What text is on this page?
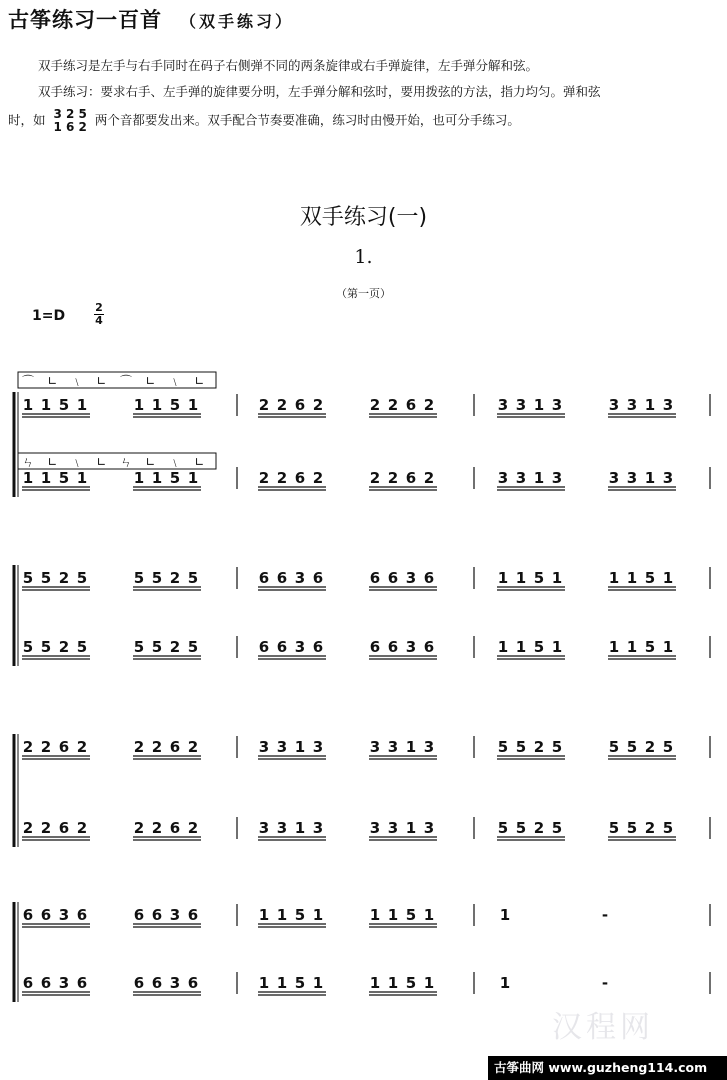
古筝练习一百首 （双手练习）
双手练习是左手与右手同时在码子右侧弹不同的两条旋律或右手弹旋律，左手弹分解和弦。
双手练习：要求右手、左手弹的旋律要分明，左手弹分解和弦时，要用拨弦的方法，指力均匀。弹和弦
时，如 3 2 5
1 6 2 两个音都要发出来。双手配合节奏要准确，练习时由慢开始，也可分手练习。
双手练习(一)
1.
（第一页）
1=D
2
4
1 1 5 1	1 1 5 1	2 2 6 2	2 2 6 2	3 3 1 3	3 3 1 3
1 1 5 1	1 1 5 1	2 2 6 2	2 2 6 2	3 3 1 3	3 3 1 3
5 5 2 5	5 5 2 5	6 6 3 6	6 6 3 6	1 1 5 1	1 1 5 1
5 5 2 5	5 5 2 5	6 6 3 6	6 6 3 6	1 1 5 1	1 1 5 1
2 2 6 2	2 2 6 2	3 3 1 3	3 3 1 3	5 5 2 5	5 5 2 5
2 2 6 2	2 2 6 2	3 3 1 3	3 3 1 3	5 5 2 5	5 5 2 5
6 6 3 6	6 6 3 6	1 1 5 1	1 1 5 1	1	-
6 6 3 6	6 6 3 6	1 1 5 1	1 1 5 1	1	-
⌒ ∟ ﹨ ∟ ⌒ ∟ ﹨ ∟
ㄣ ∟ ﹨ ∟ ㄣ ∟ ﹨ ∟
汉程网
古筝曲网 www.guzheng114.com
